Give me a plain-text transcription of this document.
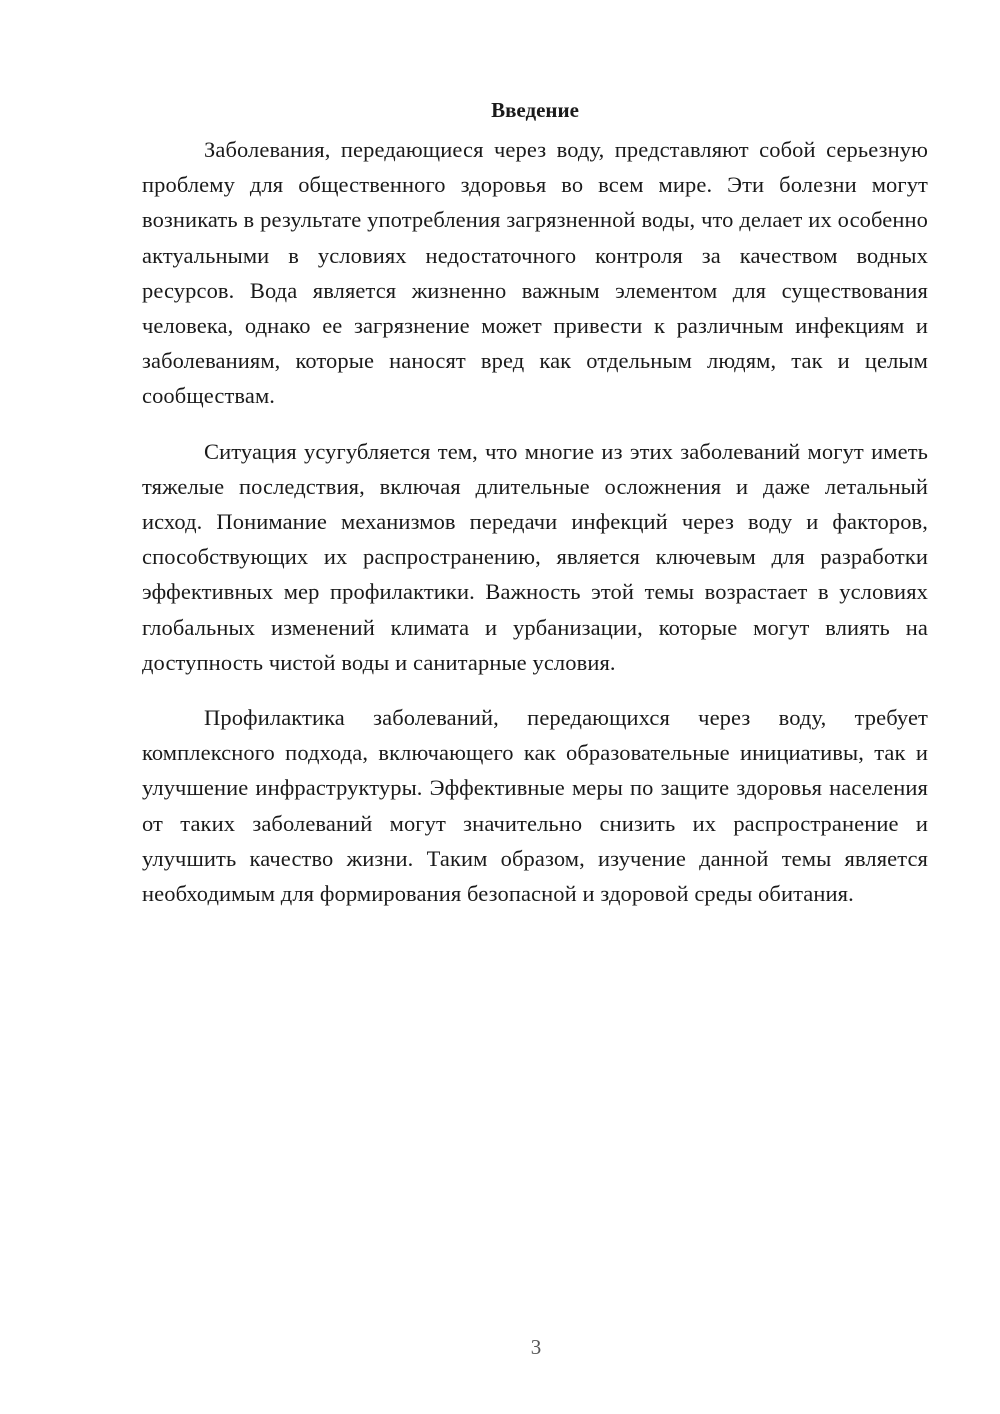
Введение

Заболевания, передающиеся через воду, представляют собой серьезную проблему для общественного здоровья во всем мире. Эти болезни могут возникать в результате употребления загрязненной воды, что делает их особенно актуальными в условиях недостаточного контроля за качеством водных ресурсов. Вода является жизненно важным элементом для существования человека, однако ее загрязнение может привести к различным инфекциям и заболеваниям, которые наносят вред как отдельным людям, так и целым сообществам.

Ситуация усугубляется тем, что многие из этих заболеваний могут иметь тяжелые последствия, включая длительные осложнения и даже летальный исход. Понимание механизмов передачи инфекций через воду и факторов, способствующих их распространению, является ключевым для разработки эффективных мер профилактики. Важность этой темы возрастает в условиях глобальных изменений климата и урбанизации, которые могут влиять на доступность чистой воды и санитарные условия.

Профилактика заболеваний, передающихся через воду, требует комплексного подхода, включающего как образовательные инициативы, так и улучшение инфраструктуры. Эффективные меры по защите здоровья населения от таких заболеваний могут значительно снизить их распространение и улучшить качество жизни. Таким образом, изучение данной темы является необходимым для формирования безопасной и здоровой среды обитания.

3
